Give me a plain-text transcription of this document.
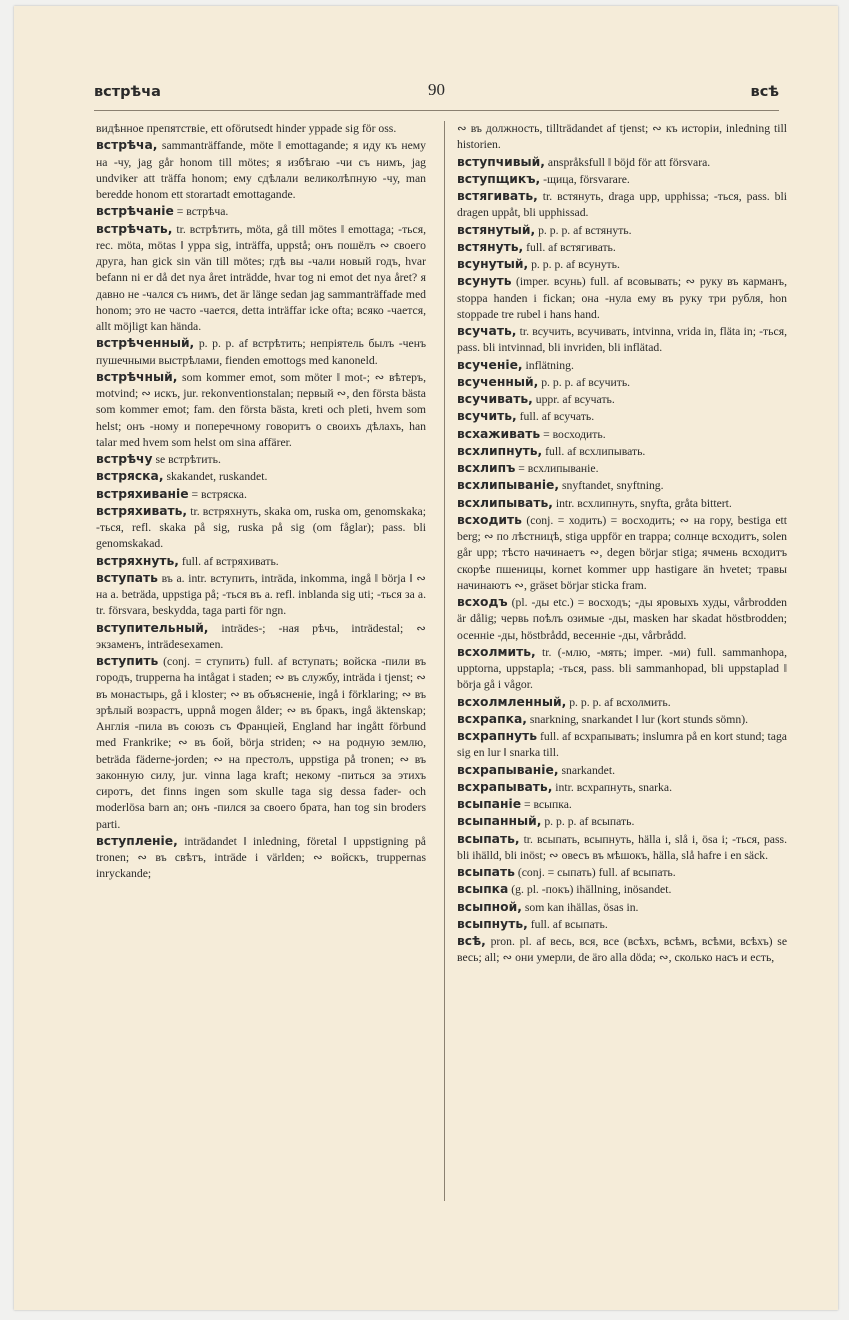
встрѣча	90	всѣ

видѣнное препятствіе, ett oförutsedt hinder yppade sig för oss.

встрѣча, sammanträffande, möte ‖ emottagande; я иду къ нему на -чу, jag går honom till mötes; я избѣгаю -чи съ нимъ, jag undviker att träffa honom; ему сдѣлали великолѣпную -чу, man beredde honom ett storartadt emottagande.

встрѣчаніе = встрѣча.

встрѣчать, tr. встрѣтить, möta, gå till mötes ‖ emottaga; -ться, rec. möta, mötas ‖ yppa sig, inträffa, uppstå; онъ пошёлъ ∾ своего друга, han gick sin vän till mötes; гдѣ вы -чали новый годъ, hvar befann ni er då det nya året inträdde, hvar tog ni emot det nya året? я давно не -чался съ нимъ, det är länge sedan jag sammanträffade med honom; это не часто -чается, detta inträffar icke ofta; всяко -чается, allt möjligt kan hända.

встрѣченный, p. p. p. af встрѣтить; непріятель былъ -ченъ пушечными выстрѣлами, fienden emottogs med kanoneld.

встрѣчный, som kommer emot, som möter ‖ mot-; ∾ вѣтеръ, motvind; ∾ искъ, jur. rekonventionstalan; первый ∾, den första bästa som kommer emot; fam. den första bästa, kreti och pleti, hvem som helst; онъ -ному и поперечному говоритъ о своихъ дѣлахъ, han talar med hvem som helst om sina affärer.

встрѣчу se встрѣтить.

встряска, skakandet, ruskandet.

встряхиваніе = встряска.

встряхивать, tr. встряхнуть, skaka om, ruska om, genomskaka; -ться, refl. skaka på sig, ruska på sig (om fåglar); pass. bli genomskakad.

встряхнуть, full. af встряхивать.

вступать въ a. intr. вступить, inträda, inkomma, ingå ‖ börja ‖ ∾ на a. beträda, uppstiga på; -ться въ a. refl. inblanda sig uti; -ться за a. tr. försvara, beskydda, taga parti för ngn.

вступительный, inträdes-; -ная рѣчь, inträdestal; ∾ экзаменъ, inträdesexamen.

вступить (conj. = ступить) full. af вступать; войска -пили въ городъ, trupperna ha intågat i staden; ∾ въ службу, inträda i tjenst; ∾ въ монастырь, gå i kloster; ∾ въ объясненіе, ingå i förklaring; ∾ въ зрѣлый возрастъ, uppnå mogen ålder; ∾ въ бракъ, ingå äktenskap; Англія -пила въ союзъ съ Франціей, England har ingått förbund med Frankrike; ∾ въ бой, börja striden; ∾ на родную землю, beträda fäderne-jorden; ∾ на престолъ, uppstiga på tronen; ∾ въ законную силу, jur. vinna laga kraft; некому -питься за этихъ сиротъ, det finns ingen som skulle taga sig dessa fader- och moderlösa barn an; онъ -пился за своего брата, han tog sin broders parti.

вступленіе, inträdandet ‖ inledning, företal ‖ uppstigning på tronen; ∾ въ свѣтъ, inträde i världen; ∾ войскъ, truppernas inryckande;

∾ въ должность, tillträdandet af tjenst; ∾ къ исторіи, inledning till historien.

вступчивый, anspråksfull ‖ böjd för att försvara.

вступщикъ, -щица, försvarare.

встягивать, tr. встянуть, draga upp, upphissa; -ться, pass. bli dragen uppåt, bli upphissad.

встянутый, p. p. p. af встянуть.

встянуть, full. af встягивать.

всунутый, p. p. p. af всунуть.

всунуть (imper. всунь) full. af всовывать; ∾ руку въ карманъ, stoppa handen i fickan; она -нула ему въ руку три рубля, hon stoppade tre rubel i hans hand.

всучать, tr. всучить, всучивать, intvinna, vrida in, fläta in; -ться, pass. bli intvinnad, bli invriden, bli inflätad.

всученіе, inflätning.

всученный, p. p. p. af всучить.

всучивать, uppr. af всучать.

всучить, full. af всучать.

всхаживать = восходить.

всхлипнуть, full. af всхлипывать.

всхлипъ = всхлипываніе.

всхлипываніе, snyftandet, snyftning.

всхлипывать, intr. всхлипнуть, snyfta, gråta bittert.

всходить (conj. = ходить) = восходить; ∾ на гору, bestiga ett berg; ∾ по лѣстницѣ, stiga uppför en trappa; солнце всходитъ, solen går upp; тѣсто начинаетъ ∾, degen börjar stiga; ячмень всходитъ скорѣе пшеницы, kornet kommer upp hastigare än hvetet; травы начинаютъ ∾, gräset börjar sticka fram.

всходъ (pl. -ды etc.) = восходъ; -ды яровыхъ худы, vårbrodden är dålig; червь поѣлъ озимые -ды, masken har skadat höstbrodden; осенніе -ды, höstbrådd, весенніе -ды, vårbrådd.

всхолмить, tr. (-млю, -мять; imper. -ми) full. sammanhopa, upptorna, uppstapla; -ться, pass. bli sammanhopad, bli uppstaplad ‖ börja gå i vågor.

всхолмленный, p. p. p. af всхолмить.

всхрапка, snarkning, snarkandet ‖ lur (kort stunds sömn).

всхрапнуть full. af всхрапывать; inslumra på en kort stund; taga sig en lur ‖ snarka till.

всхрапываніе, snarkandet.

всхрапывать, intr. всхрапнуть, snarka.

всыпаніе = всыпка.

всыпанный, p. p. p. af всыпать.

всыпать, tr. всыпать, всыпнуть, hälla i, slå i, ösa i; -ться, pass. bli ihälld, bli inöst; ∾ овесъ въ мѣшокъ, hälla, slå hafre i en säck.

всыпать (conj. = сыпать) full. af всыпать.

всыпка (g. pl. -покъ) ihällning, inösandet.

всыпной, som kan ihällas, ösas in.

всыпнуть, full. af всыпать.

всѣ, pron. pl. af весь, вся, все (всѣхъ, всѣмъ, всѣми, всѣхъ) se весь; all; ∾ они умерли, de äro alla döda; ∾, сколько насъ и есть,
